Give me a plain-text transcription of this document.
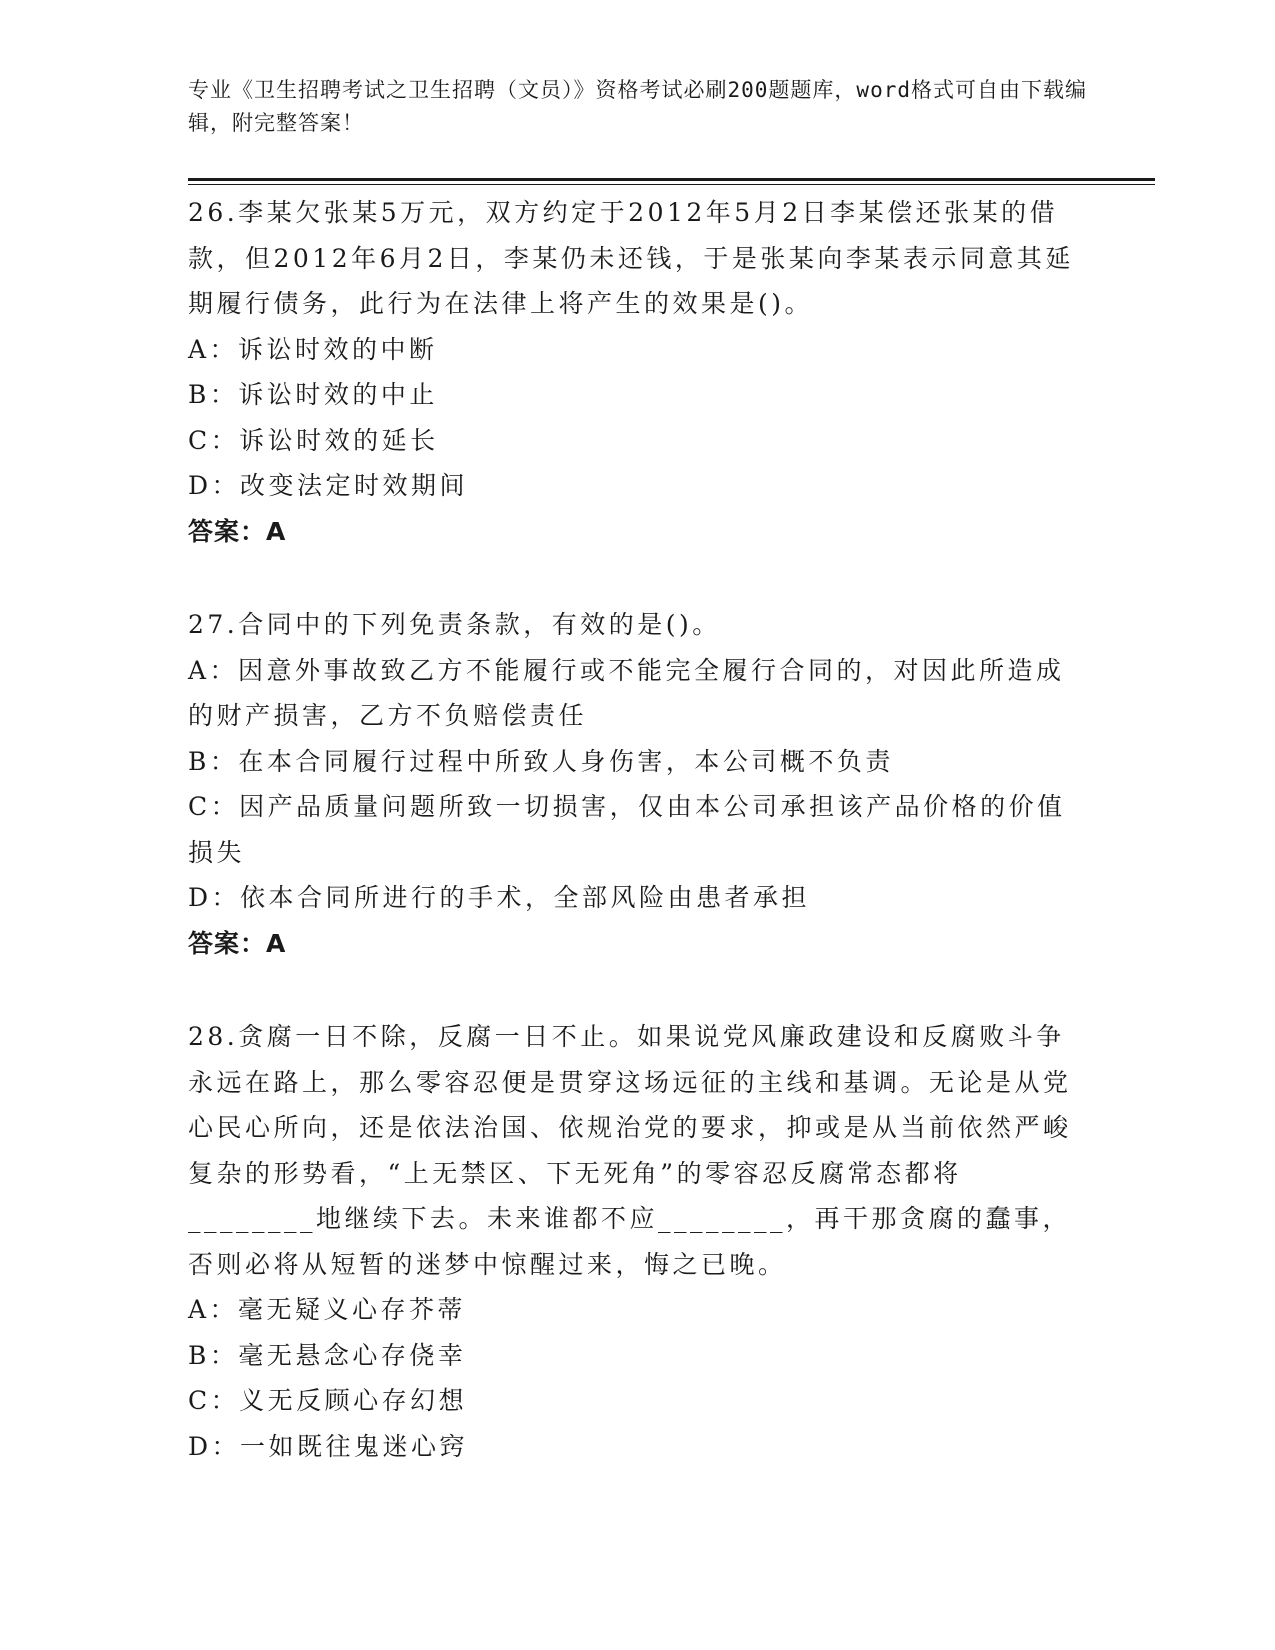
专业《卫生招聘考试之卫生招聘（文员）》资格考试必刷200题题库，word格式可自由下载编辑，附完整答案！

26.李某欠张某5万元，双方约定于2012年5月2日李某偿还张某的借款，但2012年6月2日，李某仍未还钱，于是张某向李某表示同意其延期履行债务，此行为在法律上将产生的效果是()。

A：诉讼时效的中断

B：诉讼时效的中止

C：诉讼时效的延长

D：改变法定时效期间

答案：A

27.合同中的下列免责条款，有效的是()。

A：因意外事故致乙方不能履行或不能完全履行合同的，对因此所造成的财产损害，乙方不负赔偿责任

B：在本合同履行过程中所致人身伤害，本公司概不负责

C：因产品质量问题所致一切损害，仅由本公司承担该产品价格的价值损失

D：依本合同所进行的手术，全部风险由患者承担

答案：A

28.贪腐一日不除，反腐一日不止。如果说党风廉政建设和反腐败斗争永远在路上，那么零容忍便是贯穿这场远征的主线和基调。无论是从党心民心所向，还是依法治国、依规治党的要求，抑或是从当前依然严峻复杂的形势看，“上无禁区、下无死角”的零容忍反腐常态都将________地继续下去。未来谁都不应________，再干那贪腐的蠢事，否则必将从短暂的迷梦中惊醒过来，悔之已晚。

A：毫无疑义心存芥蒂

B：毫无悬念心存侥幸

C：义无反顾心存幻想

D：一如既往鬼迷心窍
